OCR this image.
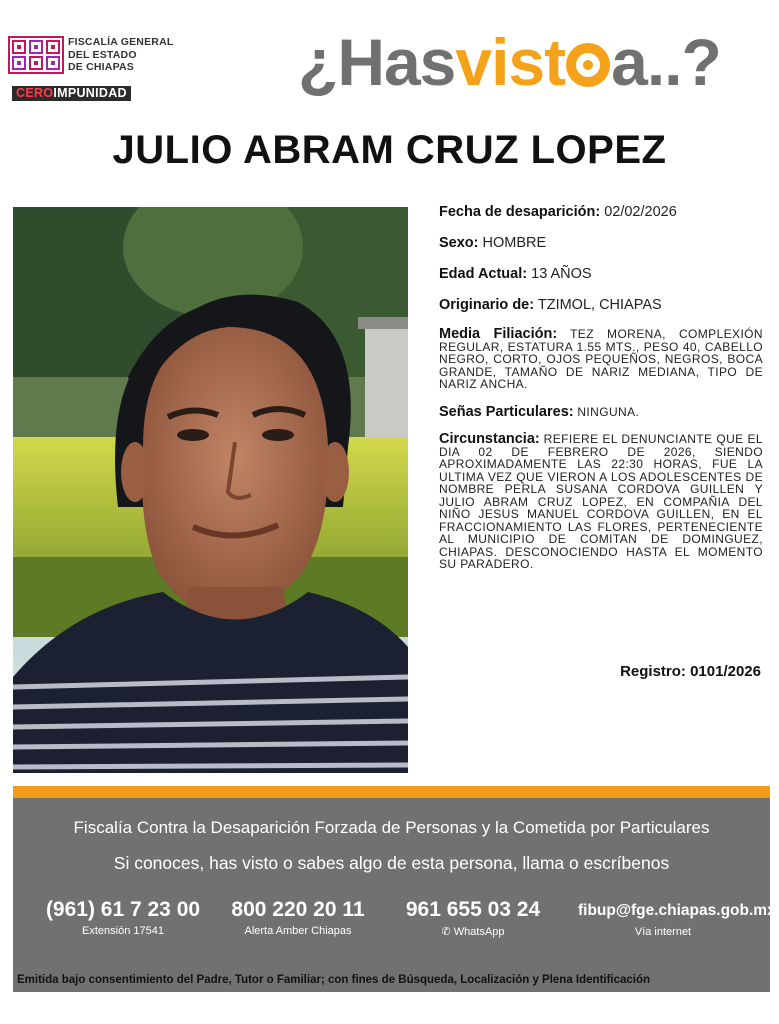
FISCALÍA GENERAL
DEL ESTADO
DE CHIAPAS
CEROIMPUNIDAD	¿Hasvist a..?
JULIO ABRAM CRUZ LOPEZ
Fecha de desaparición: 02/02/2026
Sexo: HOMBRE
Edad Actual: 13 AÑOS
Originario de: TZIMOL, CHIAPAS
Media Filiación: TEZ MORENA, COMPLEXIÓN REGULAR, ESTATURA 1.55 MTS., PESO 40, CABELLO NEGRO, CORTO, OJOS PEQUEÑOS, NEGROS, BOCA GRANDE, TAMAÑO DE NARIZ MEDIANA, TIPO DE NARIZ ANCHA.
Señas Particulares: NINGUNA.
Circunstancia: REFIERE EL DENUNCIANTE QUE EL DIA 02 DE FEBRERO DE 2026, SIENDO APROXIMADAMENTE LAS 22:30 HORAS, FUE LA ULTIMA VEZ QUE VIERON A LOS ADOLESCENTES DE NOMBRE PERLA SUSANA CORDOVA GUILLEN Y JULIO ABRAM CRUZ LOPEZ, EN COMPAÑIA DEL NIÑO JESUS MANUEL CORDOVA GUILLEN, EN EL FRACCIONAMIENTO LAS FLORES, PERTENECIENTE AL MUNICIPIO DE COMITAN DE DOMINGUEZ, CHIAPAS. DESCONOCIENDO HASTA EL MOMENTO SU PARADERO.
Registro: 0101/2026
Fiscalía Contra la Desaparición Forzada de Personas y la Cometida por Particulares
Si conoces, has visto o sabes algo de esta persona, llama o escríbenos
(961) 61 7 23 00
Extensión 17541
800 220 20 11
Alerta Amber Chiapas
961 655 03 24
✆ WhatsApp
fibup@fge.chiapas.gob.mx
Vía internet
Emitida bajo consentimiento del Padre, Tutor o Familiar; con fines de Búsqueda, Localización y Plena Identificación
